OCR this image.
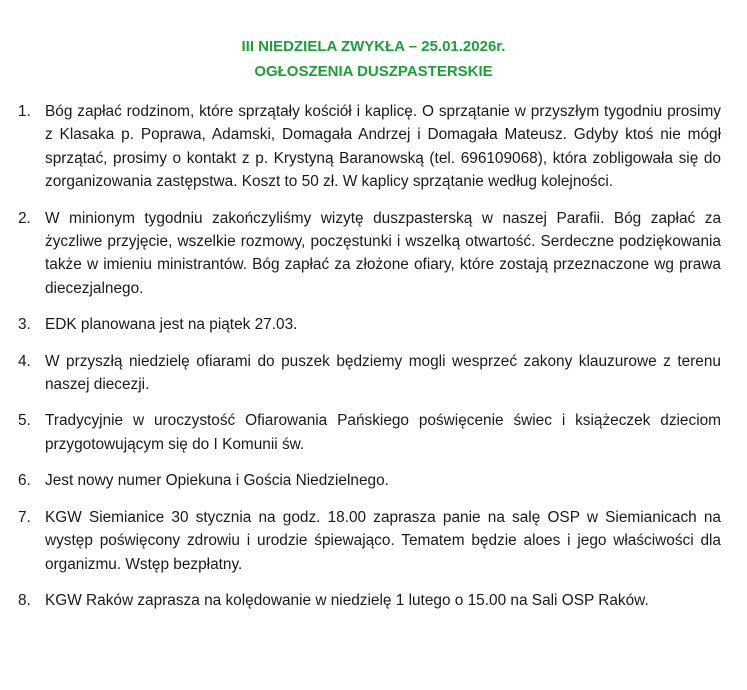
III NIEDZIELA ZWYKŁA – 25.01.2026r.
OGŁOSZENIA DUSZPASTERSKIE
1. Bóg zapłać rodzinom, które sprzątały kościół i kaplicę. O sprzątanie w przyszłym tygodniu prosimy z Klasaka p. Poprawa, Adamski, Domagała Andrzej i Domagała Mateusz. Gdyby ktoś nie mógł sprzątać, prosimy o kontakt z p. Krystyną Baranowską (tel. 696109068), która zobligowała się do zorganizowania zastępstwa. Koszt to 50 zł. W kaplicy sprzątanie według kolejności.
2. W minionym tygodniu zakończyliśmy wizytę duszpasterską w naszej Parafii. Bóg zapłać za życzliwe przyjęcie, wszelkie rozmowy, poczęstunki i wszelką otwartość. Serdeczne podziękowania także w imieniu ministrantów. Bóg zapłać za złożone ofiary, które zostają przeznaczone wg prawa diecezjalnego.
3. EDK planowana jest na piątek 27.03.
4. W przyszłą niedzielę ofiarami do puszek będziemy mogli wesprzeć zakony klauzurowe z terenu naszej diecezji.
5. Tradycyjnie w uroczystość Ofiarowania Pańskiego poświęcenie świec i książeczek dzieciom przygotowującym się do I Komunii św.
6. Jest nowy numer Opiekuna i Gościa Niedzielnego.
7. KGW Siemianice 30 stycznia na godz. 18.00 zaprasza panie na salę OSP w Siemianicach na występ poświęcony zdrowiu i urodzie śpiewająco. Tematem będzie aloes i jego właściwości dla organizmu. Wstęp bezpłatny.
8. KGW Raków zaprasza na kolędowanie w niedzielę 1 lutego o 15.00 na Sali OSP Raków.
